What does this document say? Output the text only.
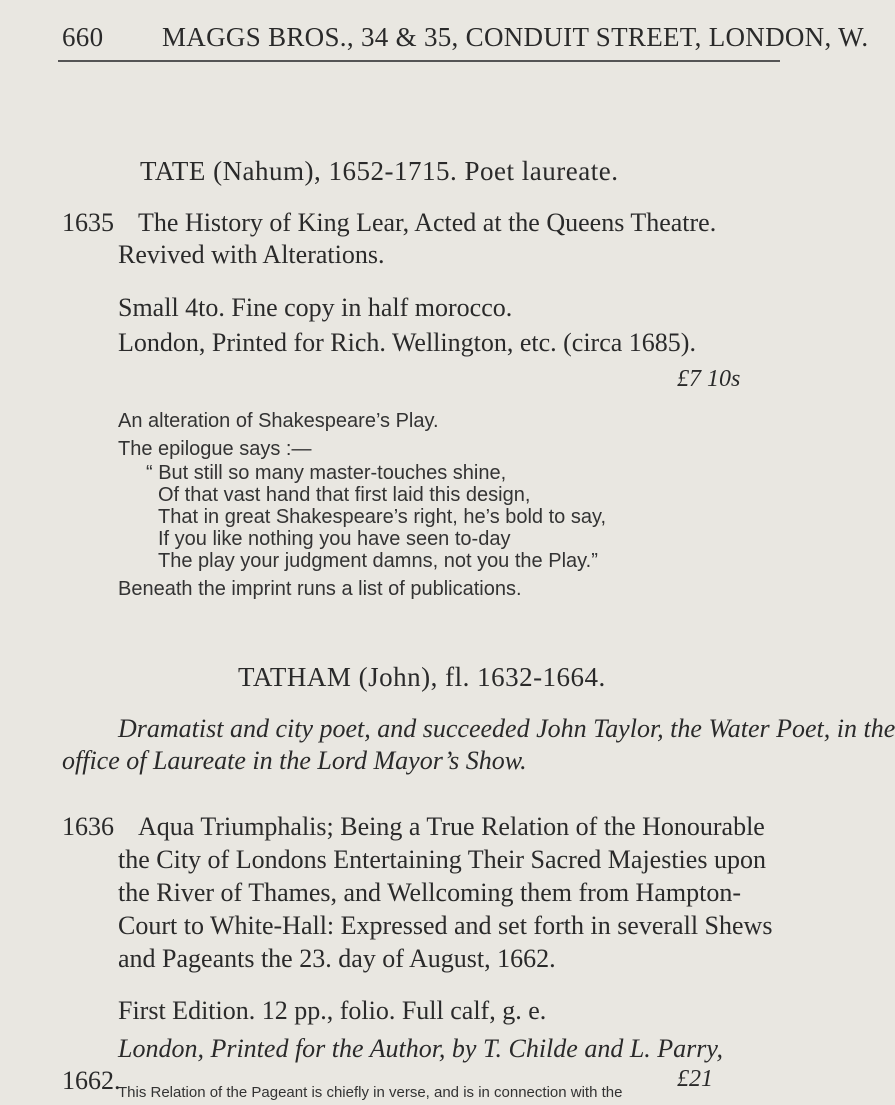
660 MAGGS BROS., 34 & 35, CONDUIT STREET, LONDON, W.
TATE (Nahum), 1652-1715. Poet laureate.
1635 The History of King Lear, Acted at the Queens Theatre.
Revived with Alterations.
Small 4to. Fine copy in half morocco.
London, Printed for Rich. Wellington, etc. (circa 1685).
£7 10s
An alteration of Shakespeare’s Play.
The epilogue says :—
“ But still so many master-touches shine,
Of that vast hand that first laid this design,
That in great Shakespeare’s right, he’s bold to say,
If you like nothing you have seen to-day
The play your judgment damns, not you the Play.”
Beneath the imprint runs a list of publications.
TATHAM (John), fl. 1632-1664.
Dramatist and city poet, and succeeded John Taylor, the Water Poet, in the
office of Laureate in the Lord Mayor’s Show.
1636 Aqua Triumphalis; Being a True Relation of the Honourable
the City of Londons Entertaining Their Sacred Majesties upon
the River of Thames, and Wellcoming them from Hampton-
Court to White-Hall: Expressed and set forth in severall Shews
and Pageants the 23. day of August, 1662.
First Edition. 12 pp., folio. Full calf, g. e.
London, Printed for the Author, by T. Childe and L. Parry,
1662.	£21
This Relation of the Pageant is chiefly in verse, and is in connection with the
